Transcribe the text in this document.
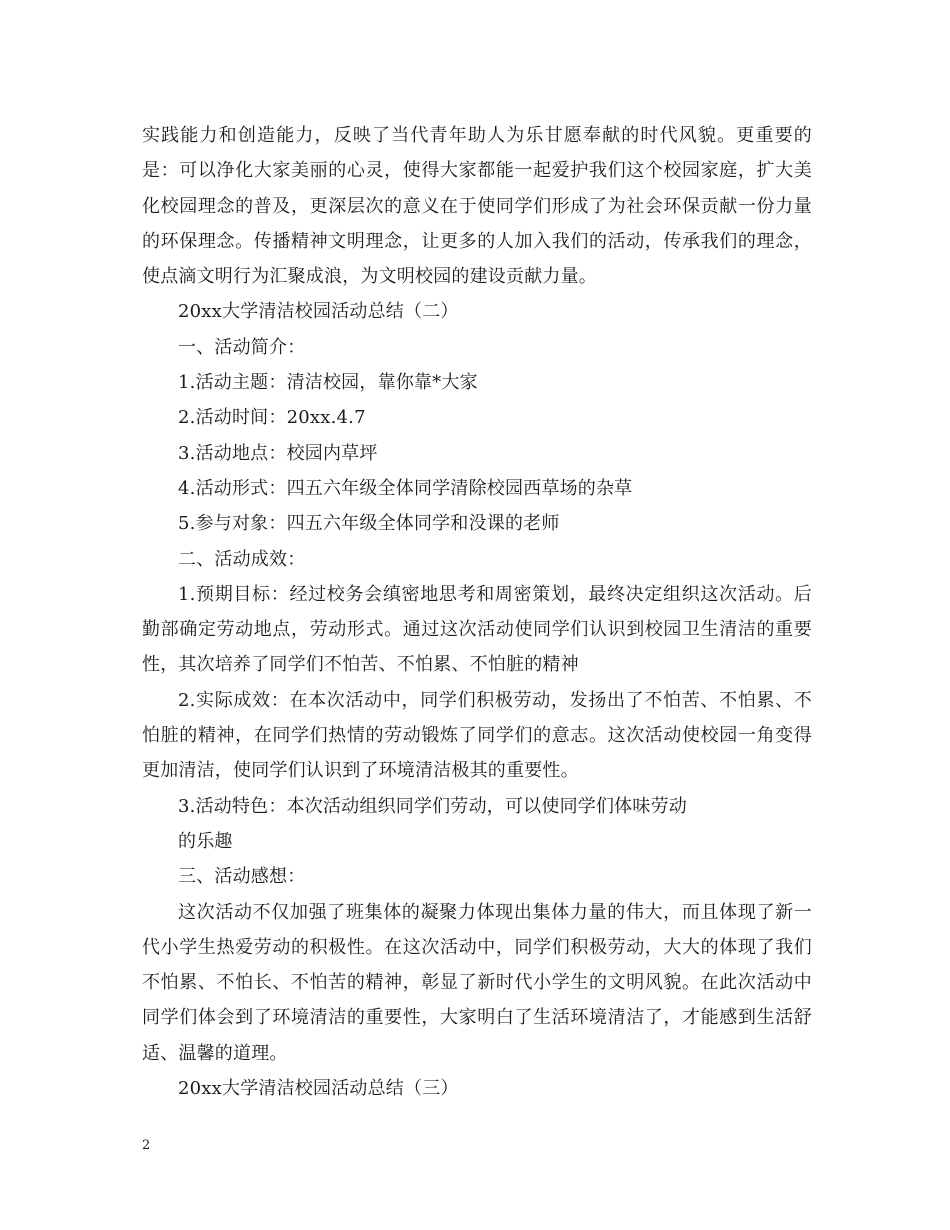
实践能力和创造能力，反映了当代青年助人为乐甘愿奉献的时代风貌。更重要的是：可以净化大家美丽的心灵，使得大家都能一起爱护我们这个校园家庭，扩大美化校园理念的普及，更深层次的意义在于使同学们形成了为社会环保贡献一份力量的环保理念。传播精神文明理念，让更多的人加入我们的活动，传承我们的理念，使点滴文明行为汇聚成浪，为文明校园的建设贡献力量。

20xx大学清洁校园活动总结（二）

一、活动简介：

1.活动主题：清洁校园，靠你靠*大家

2.活动时间：20xx.4.7

3.活动地点：校园内草坪

4.活动形式：四五六年级全体同学清除校园西草场的杂草

5.参与对象：四五六年级全体同学和没课的老师

二、活动成效：

1.预期目标：经过校务会缜密地思考和周密策划，最终决定组织这次活动。后勤部确定劳动地点，劳动形式。通过这次活动使同学们认识到校园卫生清洁的重要性，其次培养了同学们不怕苦、不怕累、不怕脏的精神

2.实际成效：在本次活动中，同学们积极劳动，发扬出了不怕苦、不怕累、不怕脏的精神，在同学们热情的劳动锻炼了同学们的意志。这次活动使校园一角变得更加清洁，使同学们认识到了环境清洁极其的重要性。

3.活动特色：本次活动组织同学们劳动，可以使同学们体味劳动

的乐趣

三、活动感想：

这次活动不仅加强了班集体的凝聚力体现出集体力量的伟大，而且体现了新一代小学生热爱劳动的积极性。在这次活动中，同学们积极劳动，大大的体现了我们不怕累、不怕长、不怕苦的精神，彰显了新时代小学生的文明风貌。在此次活动中同学们体会到了环境清洁的重要性，大家明白了生活环境清洁了，才能感到生活舒适、温馨的道理。

20xx大学清洁校园活动总结（三）

2
